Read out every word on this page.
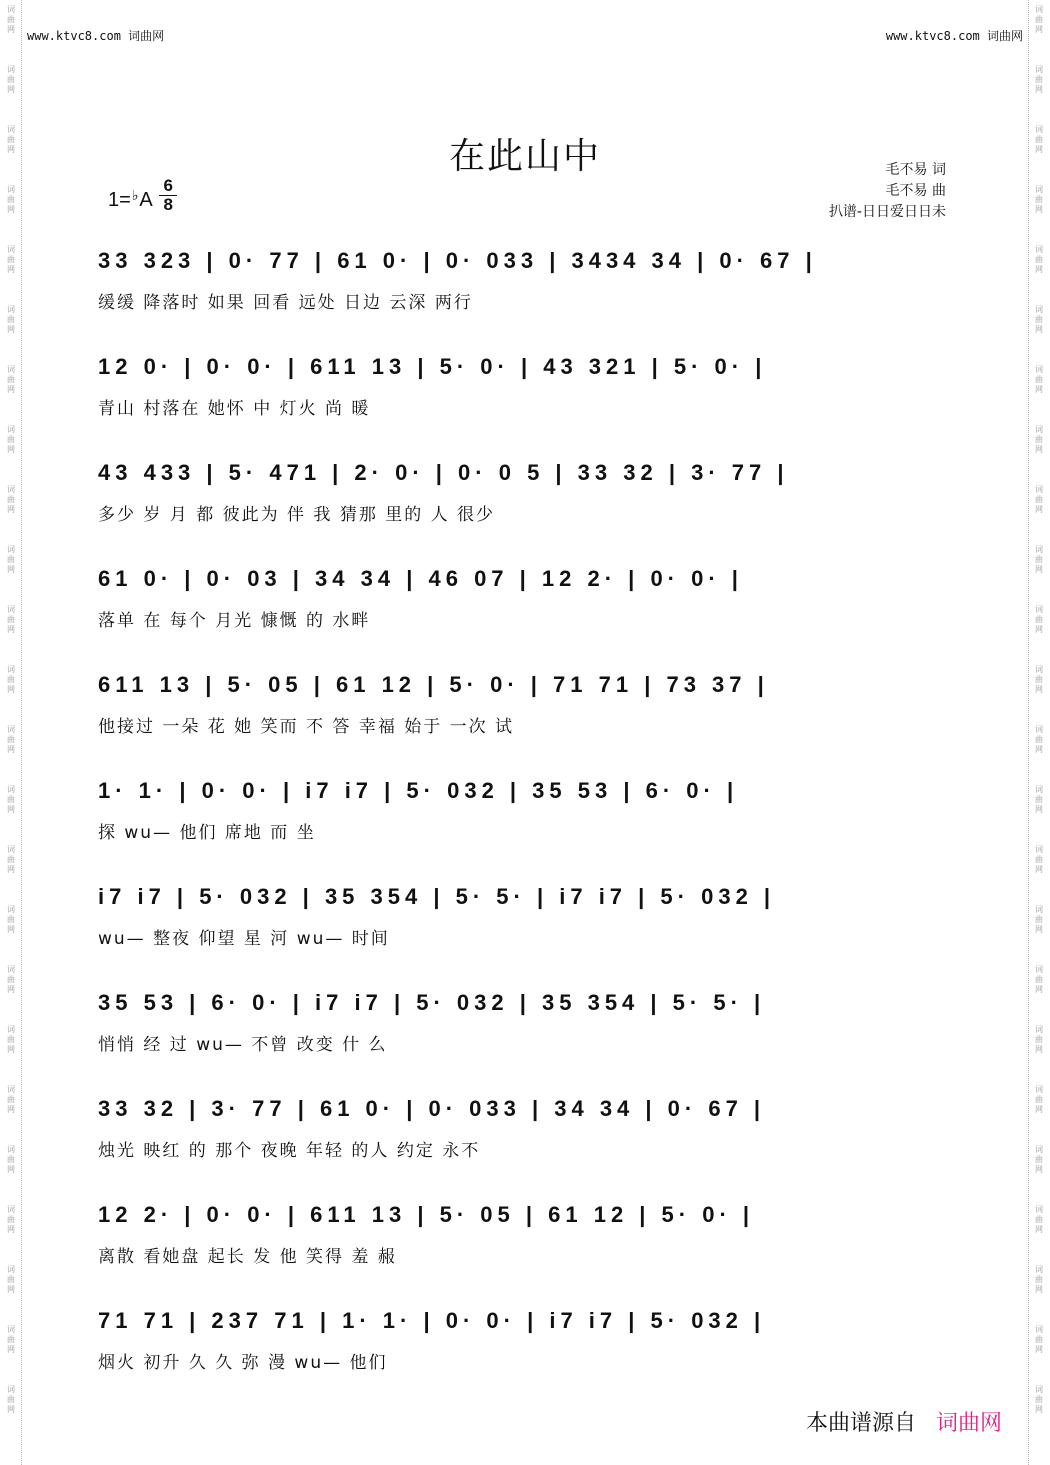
词
曲
网
词
曲
网
词
曲
网
词
曲
网
词
曲
网
词
曲
网
词
曲
网
词
曲
网
词
曲
网
词
曲
网
词
曲
网
词
曲
网
词
曲
网
词
曲
网
词
曲
网
词
曲
网
词
曲
网
词
曲
网
词
曲
网
词
曲
网
词
曲
网
词
曲
网
词
曲
网
词
曲
网
词
曲
网
词
曲
网
词
曲
网
词
曲
网
词
曲
网
词
曲
网
词
曲
网
词
曲
网
词
曲
网
词
曲
网
词
曲
网
词
曲
网
词
曲
网
词
曲
网
词
曲
网
词
曲
网
词
曲
网
词
曲
网
词
曲
网
词
曲
网
词
曲
网
词
曲
网
词
曲
网
词
曲
网
www.ktvc8.com 词曲网	www.ktvc8.com 词曲网
在此山中
$1=^♭A \frac{6}{8}$
毛不易 词
毛不易 曲
扒谱-日日爱日日未
33 323 | 0· 77 | 61 0· | 0· 033 | 3434 34 | 0· 67 |
缓缓 降落时 如果 回看 远处 日边 云深 两行
12 0· | 0· 0· | 611 13 | 5· 0· | 43 321 | 5· 0· |
青山 村落在 她怀 中 灯火 尚 暖
43 433 | 5· 471 | 2· 0· | 0· 0 5 | 33 32 | 3· 77 |
多少 岁 月 都 彼此为 伴 我 猜那 里的 人 很少
61 0· | 0· 03 | 34 34 | 46 07 | 12 2· | 0· 0· |
落单 在 每个 月光 慷慨 的 水畔
611 13 | 5· 05 | 61 12 | 5· 0· | 71 71 | 73 37 |
他接过 一朵 花 她 笑而 不 答 幸福 始于 一次 试
1· 1· | 0· 0· | i7 i7 | 5· 032 | 35 53 | 6· 0· |
探 wu— 他们 席地 而 坐
i7 i7 | 5· 032 | 35 354 | 5· 5· | i7 i7 | 5· 032 |
wu— 整夜 仰望 星 河 wu— 时间
35 53 | 6· 0· | i7 i7 | 5· 032 | 35 354 | 5· 5· |
悄悄 经 过 wu— 不曾 改变 什 么
33 32 | 3· 77 | 61 0· | 0· 033 | 34 34 | 0· 67 |
烛光 映红 的 那个 夜晚 年轻 的人 约定 永不
12 2· | 0· 0· | 611 13 | 5· 05 | 61 12 | 5· 0· |
离散 看她盘 起长 发 他 笑得 羞 赧
71 71 | 237 71 | 1· 1· | 0· 0· | i7 i7 | 5· 032 |
烟火 初升 久 久 弥 漫 wu— 他们
本曲谱源自 词曲网
